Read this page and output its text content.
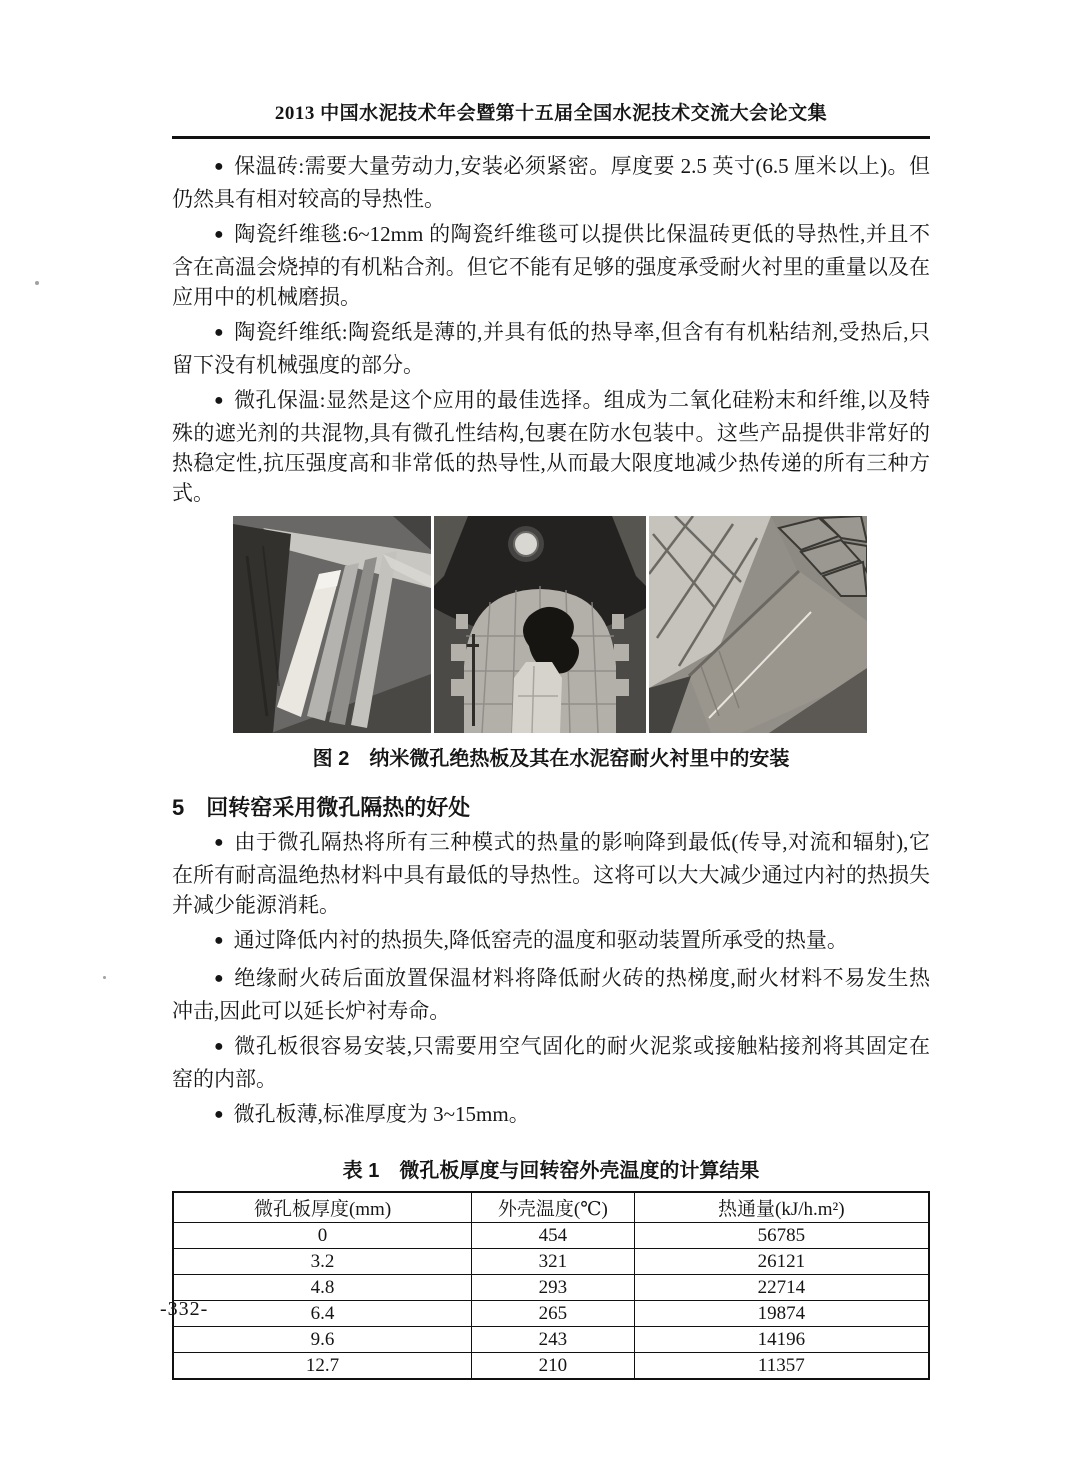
2013 中国水泥技术年会暨第十五届全国水泥技术交流大会论文集

● 保温砖:需要大量劳动力,安装必须紧密。厚度要 2.5 英寸(6.5 厘米以上)。但仍然具有相对较高的导热性。

● 陶瓷纤维毯:6~12mm 的陶瓷纤维毯可以提供比保温砖更低的导热性,并且不含在高温会烧掉的有机粘合剂。但它不能有足够的强度承受耐火衬里的重量以及在应用中的机械磨损。

● 陶瓷纤维纸:陶瓷纸是薄的,并具有低的热导率,但含有有机粘结剂,受热后,只留下没有机械强度的部分。

● 微孔保温:显然是这个应用的最佳选择。组成为二氧化硅粉末和纤维,以及特殊的遮光剂的共混物,具有微孔性结构,包裹在防水包装中。这些产品提供非常好的热稳定性,抗压强度高和非常低的热导性,从而最大限度地减少热传递的所有三种方式。

图 2　纳米微孔绝热板及其在水泥窑耐火衬里中的安装
5　回转窑采用微孔隔热的好处

● 由于微孔隔热将所有三种模式的热量的影响降到最低(传导,对流和辐射),它在所有耐高温绝热材料中具有最低的导热性。这将可以大大减少通过内衬的热损失并减少能源消耗。

● 通过降低内衬的热损失,降低窑壳的温度和驱动装置所承受的热量。

● 绝缘耐火砖后面放置保温材料将降低耐火砖的热梯度,耐火材料不易发生热冲击,因此可以延长炉衬寿命。

● 微孔板很容易安装,只需要用空气固化的耐火泥浆或接触粘接剂将其固定在窑的内部。

● 微孔板薄,标准厚度为 3~15mm。

表 1　微孔板厚度与回转窑外壳温度的计算结果
微孔板厚度(mm)	外壳温度(℃)	热通量(kJ/h.m²)
0	454	56785
3.2	321	26121
4.8	293	22714
6.4	265	19874
9.6	243	14196
12.7	210	11357
-332-
